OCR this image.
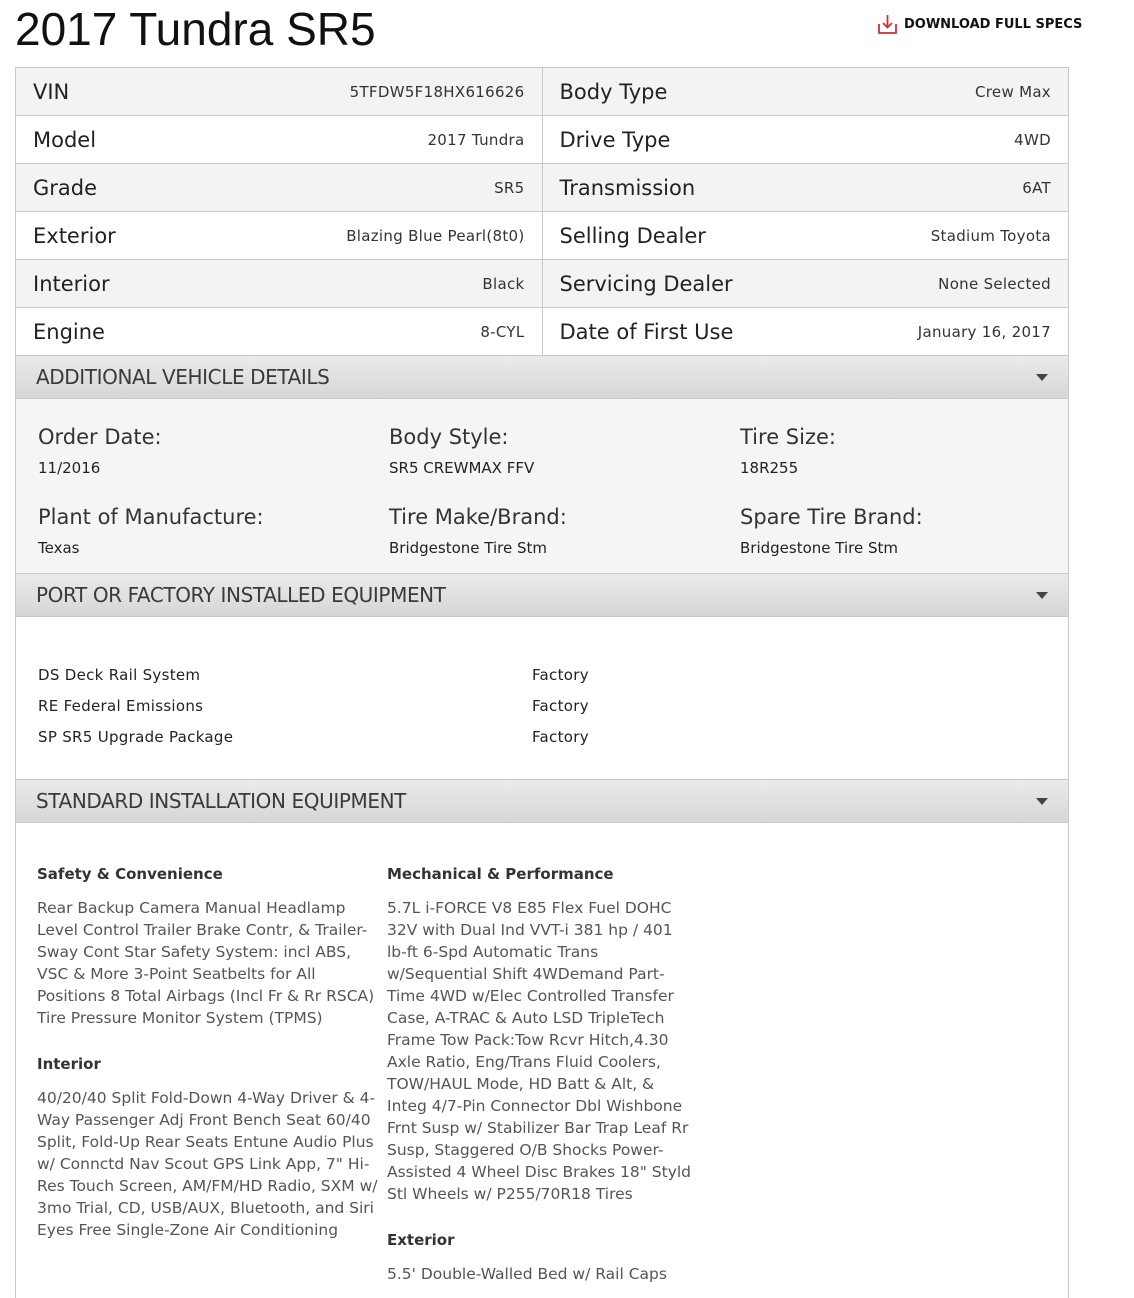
2017 Tundra SR5	DOWNLOAD FULL SPECS
VIN	5TFDW5F18HX616626
Model	2017 Tundra
Grade	SR5
Exterior	Blazing Blue Pearl(8t0)
Interior	Black
Engine	8-CYL
Body Type	Crew Max
Drive Type	4WD
Transmission	6AT
Selling Dealer	Stadium Toyota
Servicing Dealer	None Selected
Date of First Use	January 16, 2017
ADDITIONAL VEHICLE DETAILS
Order Date:
11/2016
Body Style:
SR5 CREWMAX FFV
Tire Size:
18R255
Plant of Manufacture:
Texas
Tire Make/Brand:
Bridgestone Tire Stm
Spare Tire Brand:
Bridgestone Tire Stm
PORT OR FACTORY INSTALLED EQUIPMENT
DS Deck Rail System	Factory
RE Federal Emissions	Factory
SP SR5 Upgrade Package	Factory
STANDARD INSTALLATION EQUIPMENT

Safety & Convenience

Rear Backup Camera Manual Headlamp Level Control Trailer Brake Contr, & Trailer-Sway Cont Star Safety System: incl ABS, VSC & More 3-Point Seatbelts for All Positions 8 Total Airbags (Incl Fr & Rr RSCA) Tire Pressure Monitor System (TPMS)

Interior

40/20/40 Split Fold-Down 4-Way Driver & 4-Way Passenger Adj Front Bench Seat 60/40 Split, Fold-Up Rear Seats Entune Audio Plus w/ Connctd Nav Scout GPS Link App, 7" Hi-Res Touch Screen, AM/FM/HD Radio, SXM w/ 3mo Trial, CD, USB/AUX, Bluetooth, and Siri Eyes Free Single-Zone Air Conditioning

Mechanical & Performance

5.7L i-FORCE V8 E85 Flex Fuel DOHC 32V with Dual Ind VVT-i 381 hp / 401 lb-ft 6-Spd Automatic Trans w/Sequential Shift 4WDemand Part-Time 4WD w/Elec Controlled Transfer Case, A-TRAC & Auto LSD TripleTech Frame Tow Pack:Tow Rcvr Hitch,4.30 Axle Ratio, Eng/Trans Fluid Coolers, TOW/HAUL Mode, HD Batt & Alt, & Integ 4/7-Pin Connector Dbl Wishbone Frnt Susp w/ Stabilizer Bar Trap Leaf Rr Susp, Staggered O/B Shocks Power-Assisted 4 Wheel Disc Brakes 18" Styld Stl Wheels w/ P255/70R18 Tires

Exterior

5.5' Double-Walled Bed w/ Rail Caps
